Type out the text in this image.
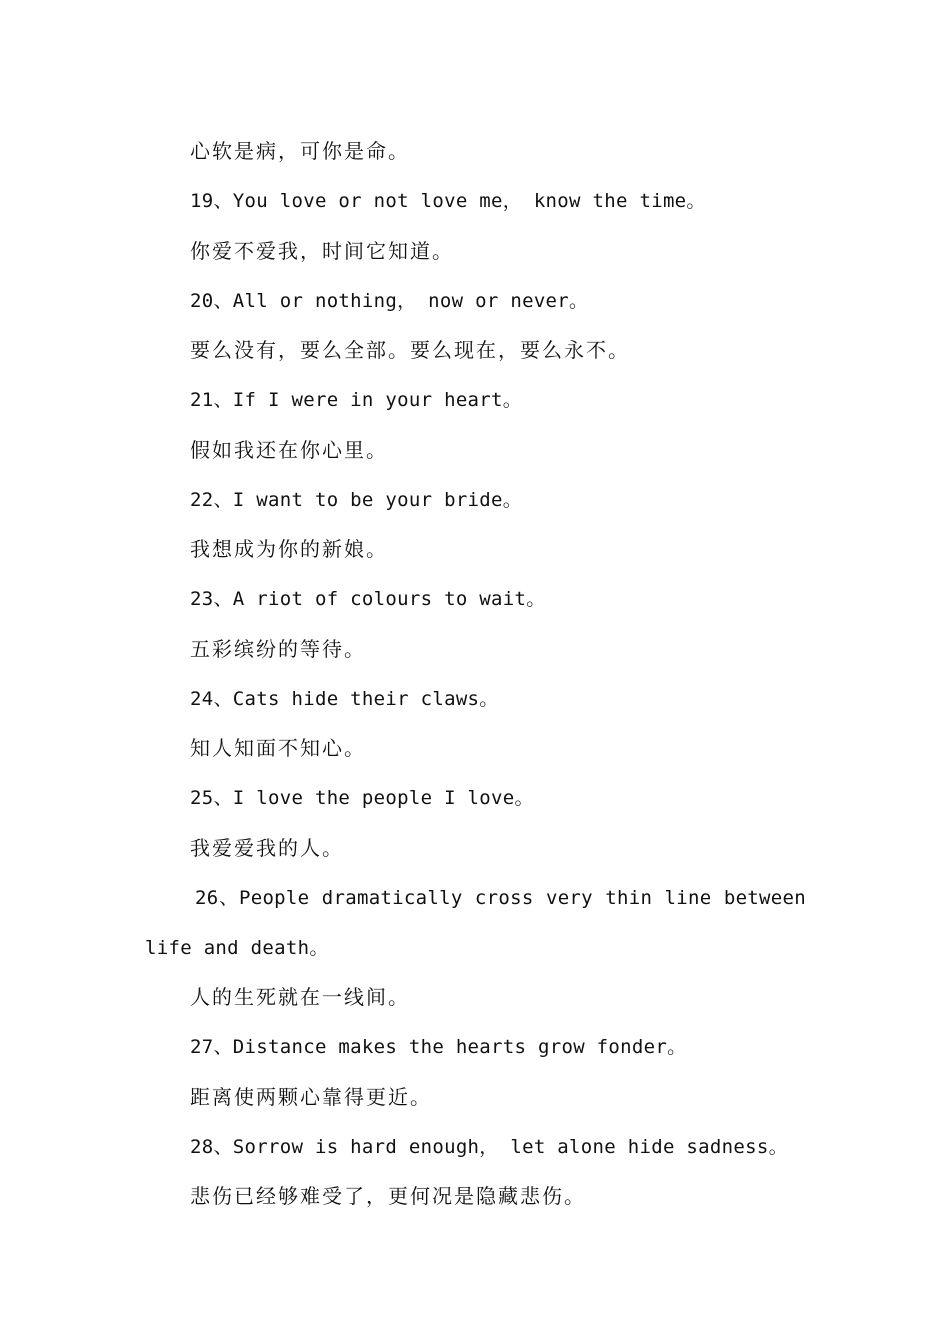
心软是病，可你是命。
19、You love or not love me， know the time。
你爱不爱我，时间它知道。
20、All or nothing， now or never。
要么没有，要么全部。要么现在，要么永不。
21、If I were in your heart。
假如我还在你心里。
22、I want to be your bride。
我想成为你的新娘。
23、A riot of colours to wait。
五彩缤纷的等待。
24、Cats hide their claws。
知人知面不知心。
25、I love the people I love。
我爱爱我的人。
26、People dramatically cross very thin line between
life and death。
人的生死就在一线间。
27、Distance makes the hearts grow fonder。
距离使两颗心靠得更近。
28、Sorrow is hard enough， let alone hide sadness。
悲伤已经够难受了，更何况是隐藏悲伤。
